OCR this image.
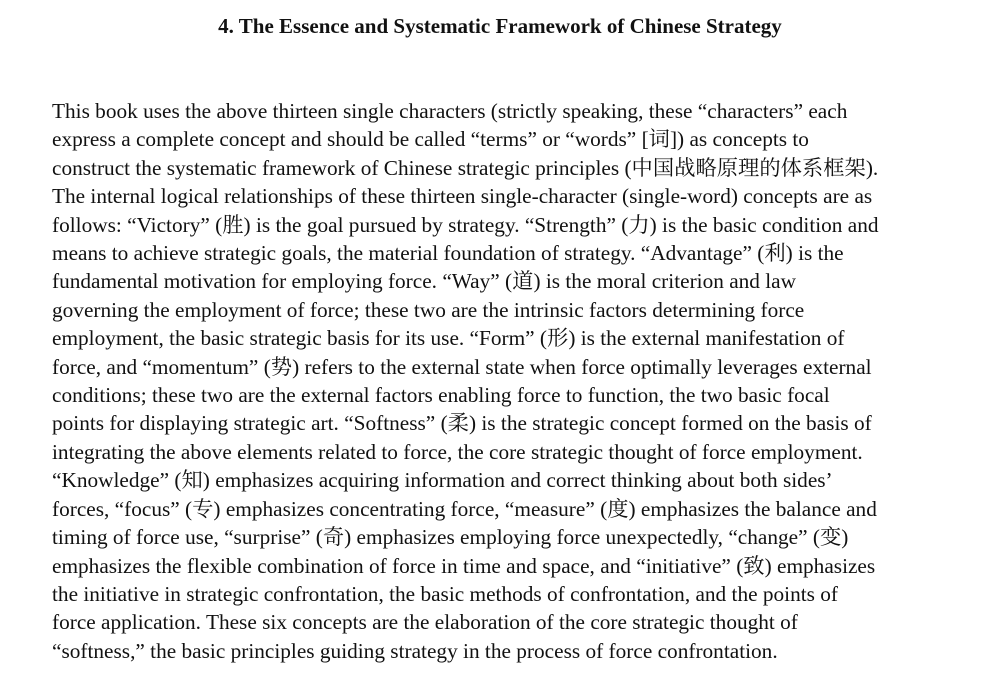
4. The Essence and Systematic Framework of Chinese Strategy

This book uses the above thirteen single characters (strictly speaking, these “characters” each
express a complete concept and should be called “terms” or “words” [词]) as concepts to
construct the systematic framework of Chinese strategic principles (中国战略原理的体系框架).
The internal logical relationships of these thirteen single-character (single-word) concepts are as
follows: “Victory” (胜) is the goal pursued by strategy. “Strength” (力) is the basic condition and
means to achieve strategic goals, the material foundation of strategy. “Advantage” (利) is the
fundamental motivation for employing force. “Way” (道) is the moral criterion and law
governing the employment of force; these two are the intrinsic factors determining force
employment, the basic strategic basis for its use. “Form” (形) is the external manifestation of
force, and “momentum” (势) refers to the external state when force optimally leverages external
conditions; these two are the external factors enabling force to function, the two basic focal
points for displaying strategic art. “Softness” (柔) is the strategic concept formed on the basis of
integrating the above elements related to force, the core strategic thought of force employment.
“Knowledge” (知) emphasizes acquiring information and correct thinking about both sides’
forces, “focus” (专) emphasizes concentrating force, “measure” (度) emphasizes the balance and
timing of force use, “surprise” (奇) emphasizes employing force unexpectedly, “change” (变)
emphasizes the flexible combination of force in time and space, and “initiative” (致) emphasizes
the initiative in strategic confrontation, the basic methods of confrontation, and the points of
force application. These six concepts are the elaboration of the core strategic thought of
“softness,” the basic principles guiding strategy in the process of force confrontation.
